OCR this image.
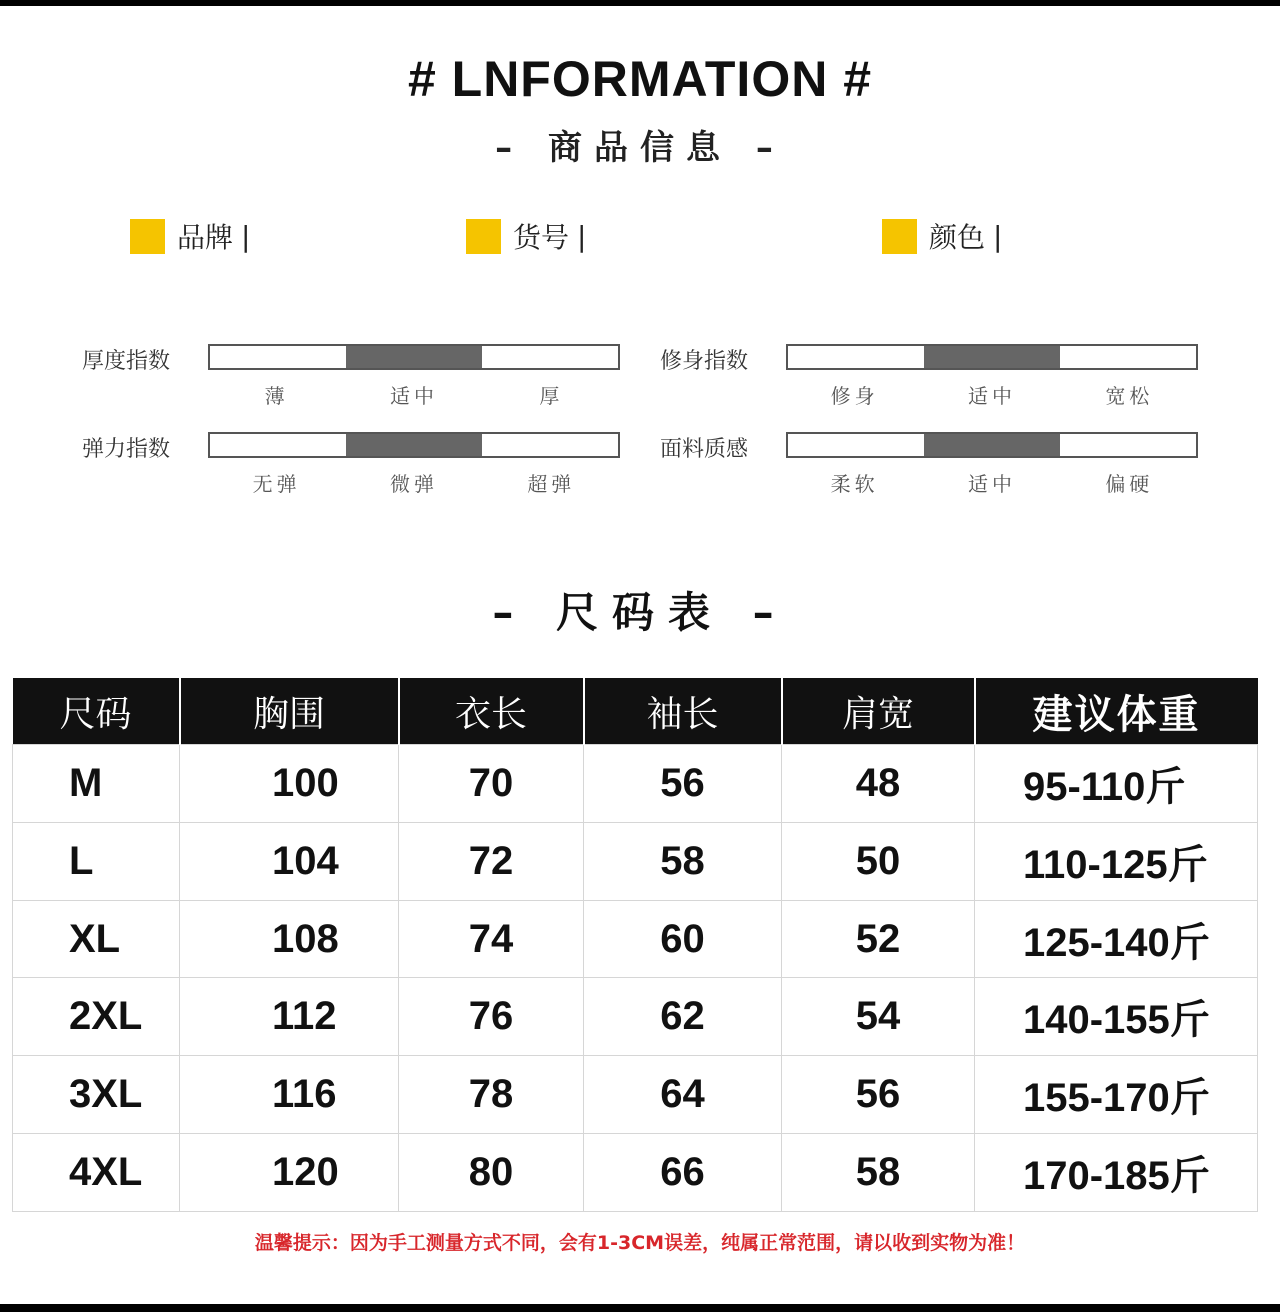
# LNFORMATION #
– 商品信息 –
品牌 |	货号 |	颜色 |
厚度指数
薄	适中	厚
修身指数
修身	适中	宽松
弹力指数
无弹	微弹	超弹
面料质感
柔软	适中	偏硬
– 尺码表 –
尺码	胸围	衣长	袖长	肩宽	建议体重
M	100	70	56	48	95-110斤
L	104	72	58	50	110-125斤
XL	108	74	60	52	125-140斤
2XL	112	76	62	54	140-155斤
3XL	116	78	64	56	155-170斤
4XL	120	80	66	58	170-185斤
温馨提示：因为手工测量方式不同，会有1-3CM误差，纯属正常范围，请以收到实物为准！
